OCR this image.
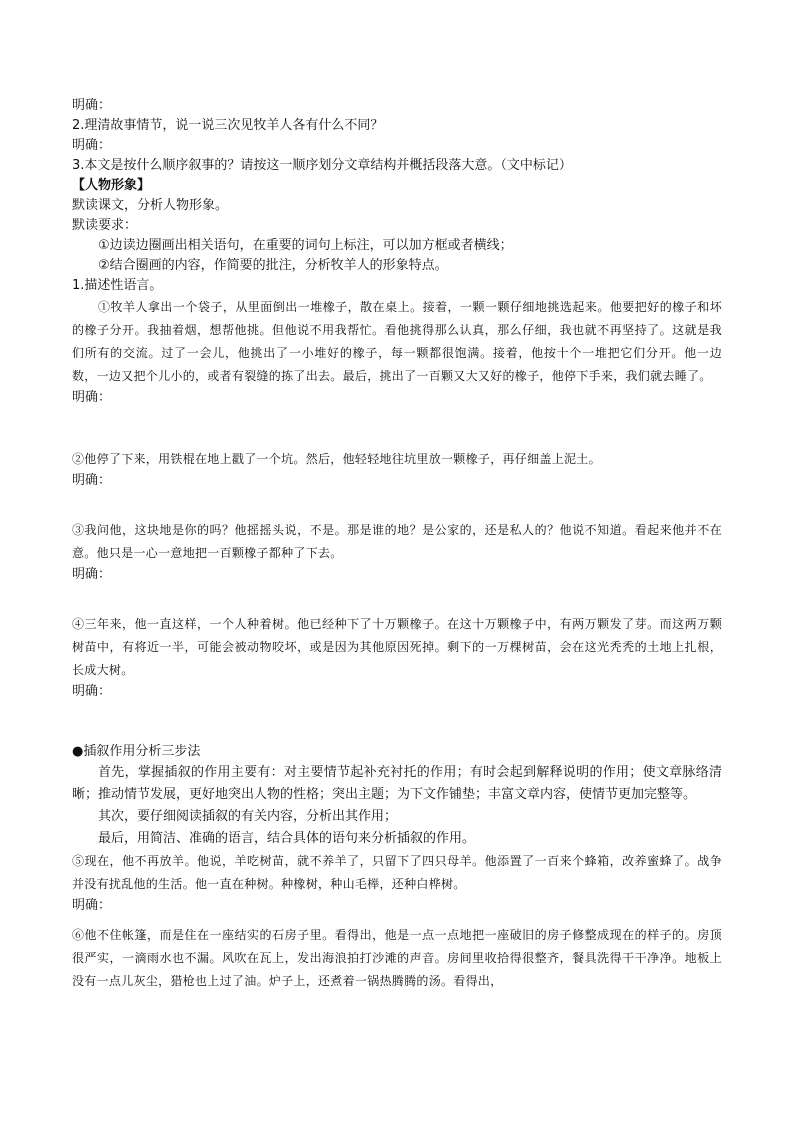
明确：
2.理清故事情节，说一说三次见牧羊人各有什么不同？
明确：
3.本文是按什么顺序叙事的？请按这一顺序划分文章结构并概括段落大意。（文中标记）
【人物形象】
默读课文，分析人物形象。
默读要求：
①边读边圈画出相关语句，在重要的词句上标注，可以加方框或者横线；
②结合圈画的内容，作简要的批注，分析牧羊人的形象特点。
1.描述性语言。
①牧羊人拿出一个袋子，从里面倒出一堆橡子，散在桌上。接着，一颗一颗仔细地挑选起来。他要把好的橡子和坏的橡子分开。我抽着烟，想帮他挑。但他说不用我帮忙。看他挑得那么认真，那么仔细，我也就不再坚持了。这就是我们所有的交流。过了一会儿，他挑出了一小堆好的橡子，每一颗都很饱满。接着，他按十个一堆把它们分开。他一边数，一边又把个儿小的，或者有裂缝的拣了出去。最后，挑出了一百颗又大又好的橡子，他停下手来，我们就去睡了。
明确：
②他停了下来，用铁棍在地上戳了一个坑。然后，他轻轻地往坑里放一颗橡子，再仔细盖上泥土。
明确：
③我问他，这块地是你的吗？他摇摇头说，不是。那是谁的地？是公家的，还是私人的？他说不知道。看起来他并不在意。他只是一心一意地把一百颗橡子都种了下去。
明确：
④三年来，他一直这样，一个人种着树。他已经种下了十万颗橡子。在这十万颗橡子中，有两万颗发了芽。而这两万颗树苗中，有将近一半，可能会被动物咬坏，或是因为其他原因死掉。剩下的一万棵树苗，会在这光秃秃的土地上扎根，长成大树。
明确：
●插叙作用分析三步法
首先，掌握插叙的作用主要有：对主要情节起补充衬托的作用；有时会起到解释说明的作用；使文章脉络清晰；推动情节发展，更好地突出人物的性格；突出主题；为下文作铺垫；丰富文章内容，使情节更加完整等。
其次，要仔细阅读插叙的有关内容，分析出其作用；
最后，用简洁、准确的语言，结合具体的语句来分析插叙的作用。
⑤现在，他不再放羊。他说，羊吃树苗，就不养羊了，只留下了四只母羊。他添置了一百来个蜂箱，改养蜜蜂了。战争并没有扰乱他的生活。他一直在种树。种橡树，种山毛榉，还种白桦树。
明确：
⑥他不住帐篷，而是住在一座结实的石房子里。看得出，他是一点一点地把一座破旧的房子修整成现在的样子的。房顶很严实，一滴雨水也不漏。风吹在瓦上，发出海浪拍打沙滩的声音。房间里收拾得很整齐，餐具洗得干干净净。地板上没有一点儿灰尘，猎枪也上过了油。炉子上，还煮着一锅热腾腾的汤。看得出，
